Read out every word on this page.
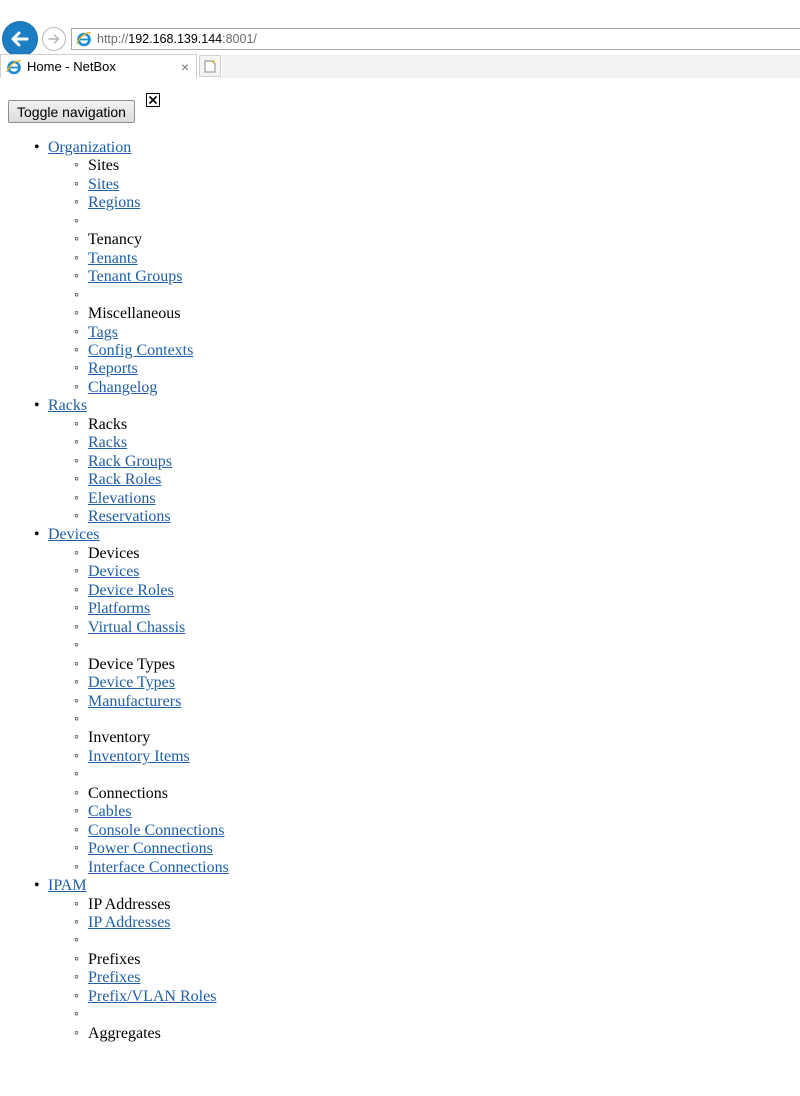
http:// 192.168.139.144 :8001/
Home - NetBox	×
Toggle navigation
• Organization
◦ Sites
◦ Sites
◦ Regions
◦
◦ Tenancy
◦ Tenants
◦ Tenant Groups
◦
◦ Miscellaneous
◦ Tags
◦ Config Contexts
◦ Reports
◦ Changelog
• Racks
◦ Racks
◦ Racks
◦ Rack Groups
◦ Rack Roles
◦ Elevations
◦ Reservations
• Devices
◦ Devices
◦ Devices
◦ Device Roles
◦ Platforms
◦ Virtual Chassis
◦
◦ Device Types
◦ Device Types
◦ Manufacturers
◦
◦ Inventory
◦ Inventory Items
◦
◦ Connections
◦ Cables
◦ Console Connections
◦ Power Connections
◦ Interface Connections
• IPAM
◦ IP Addresses
◦ IP Addresses
◦
◦ Prefixes
◦ Prefixes
◦ Prefix/VLAN Roles
◦
◦ Aggregates
